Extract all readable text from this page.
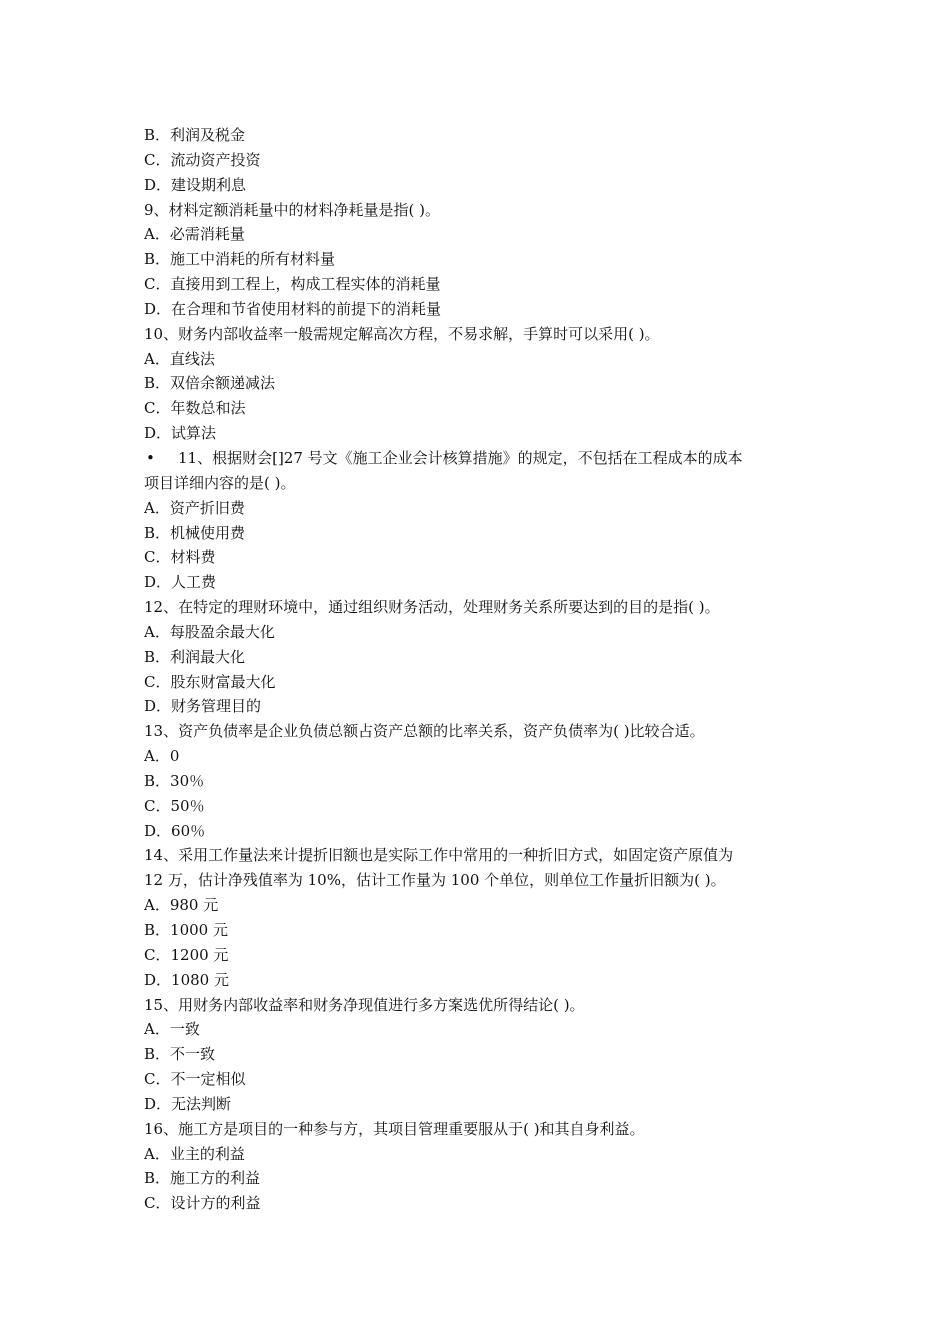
B．利润及税金
C．流动资产投资
D．建设期利息
9、材料定额消耗量中的材料净耗量是指( )。
A．必需消耗量
B．施工中消耗的所有材料量
C．直接用到工程上，构成工程实体的消耗量
D．在合理和节省使用材料的前提下的消耗量
10、财务内部收益率一般需规定解高次方程，不易求解，手算时可以采用( )。
A．直线法
B．双倍余额递减法
C．年数总和法
D．试算法
•	11、根据财会[]27 号文《施工企业会计核算措施》的规定，不包括在工程成本的成本
项目详细内容的是( )。
A．资产折旧费
B．机械使用费
C．材料费
D．人工费
12、在特定的理财环境中，通过组织财务活动，处理财务关系所要达到的目的是指( )。
A．每股盈余最大化
B．利润最大化
C．股东财富最大化
D．财务管理目的
13、资产负债率是企业负债总额占资产总额的比率关系，资产负债率为( )比较合适。
A．0
B．30％
C．50％
D．60％
14、采用工作量法来计提折旧额也是实际工作中常用的一种折旧方式，如固定资产原值为
12 万，估计净残值率为 10%，估计工作量为 100 个单位，则单位工作量折旧额为( )。
A．980 元
B．1000 元
C．1200 元
D．1080 元
15、用财务内部收益率和财务净现值进行多方案选优所得结论( )。
A．一致
B．不一致
C．不一定相似
D．无法判断
16、施工方是项目的一种参与方，其项目管理重要服从于( )和其自身利益。
A．业主的利益
B．施工方的利益
C．设计方的利益
